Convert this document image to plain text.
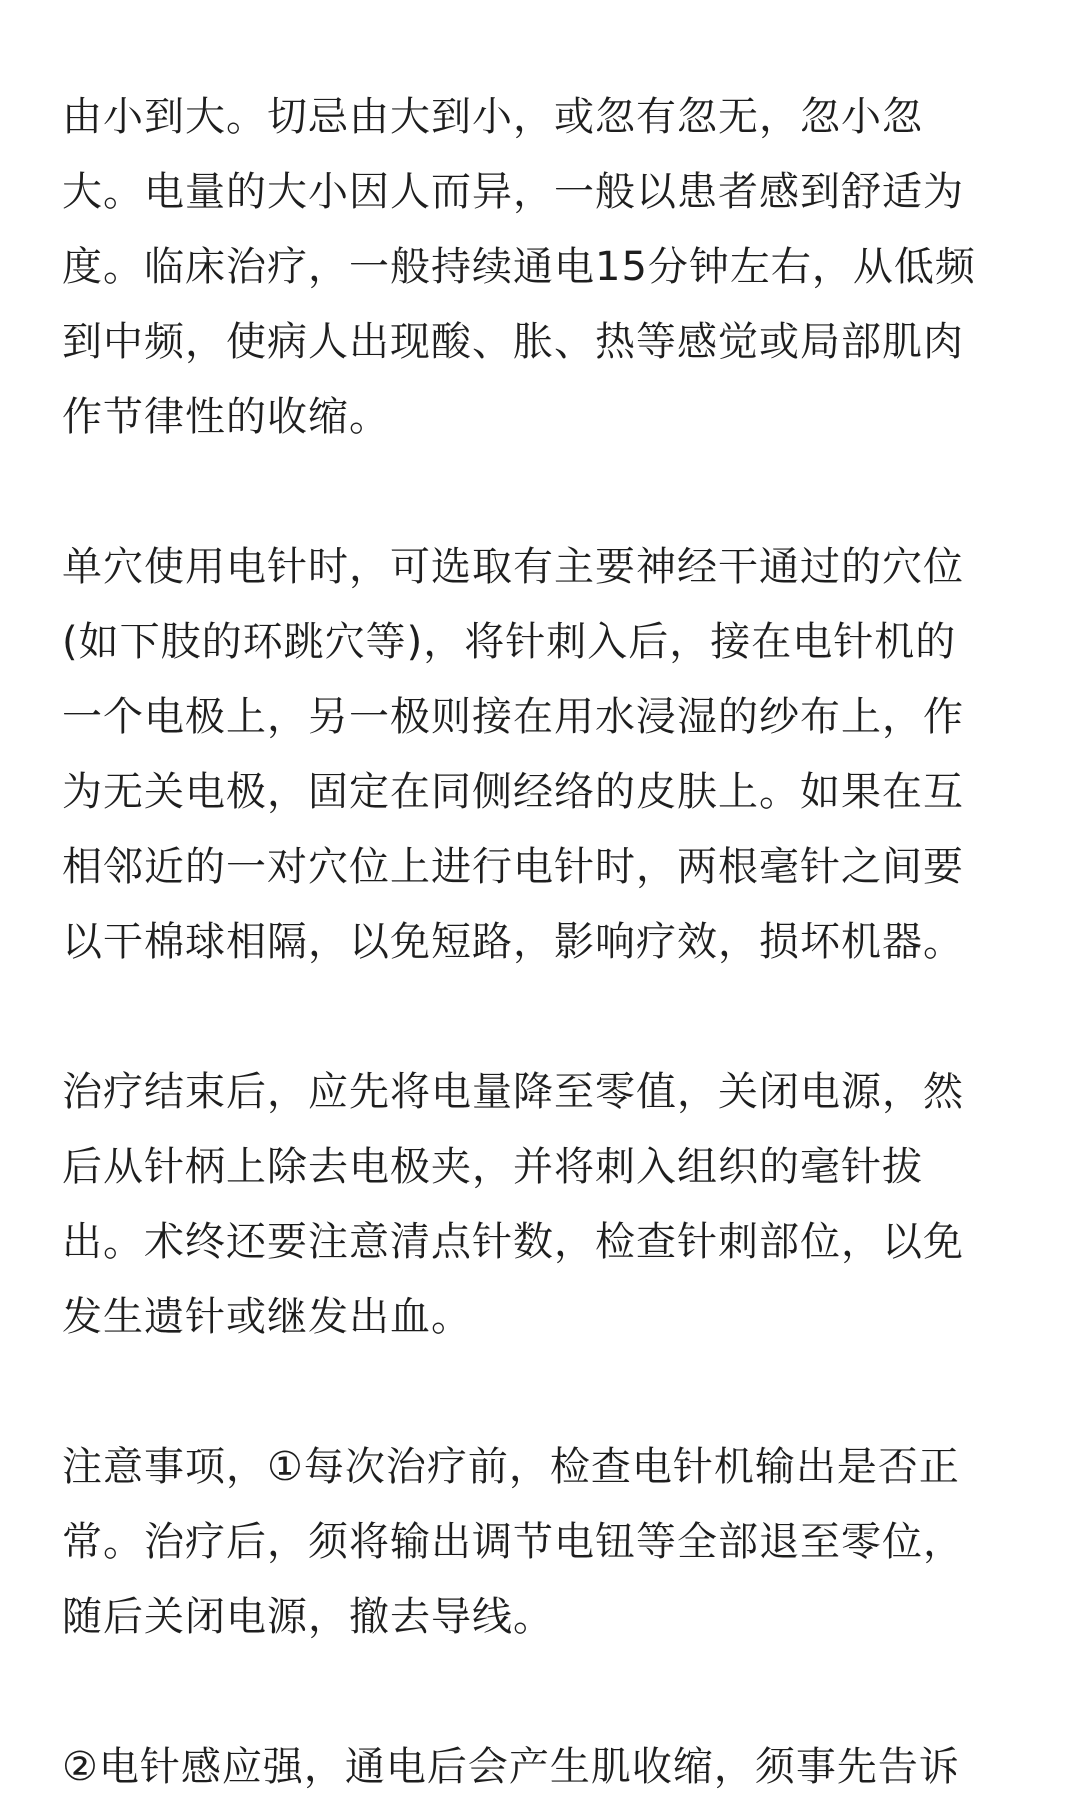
由小到大。切忌由大到小，或忽有忽无，忽小忽
大。电量的大小因人而异，一般以患者感到舒适为
度。临床治疗，一般持续通电15分钟左右，从低频
到中频，使病人出现酸、胀、热等感觉或局部肌肉
作节律性的收缩。

单穴使用电针时，可选取有主要神经干通过的穴位
(如下肢的环跳穴等)，将针刺入后，接在电针机的
一个电极上，另一极则接在用水浸湿的纱布上，作
为无关电极，固定在同侧经络的皮肤上。如果在互
相邻近的一对穴位上进行电针时，两根毫针之间要
以干棉球相隔，以免短路，影响疗效，损坏机器。

治疗结束后，应先将电量降至零值，关闭电源，然
后从针柄上除去电极夹，并将刺入组织的毫针拔
出。术终还要注意清点针数，检查针刺部位，以免
发生遗针或继发出血。

注意事项，①每次治疗前，检查电针机输出是否正
常。治疗后，须将输出调节电钮等全部退至零位，
随后关闭电源，撤去导线。

②电针感应强，通电后会产生肌收缩，须事先告诉
